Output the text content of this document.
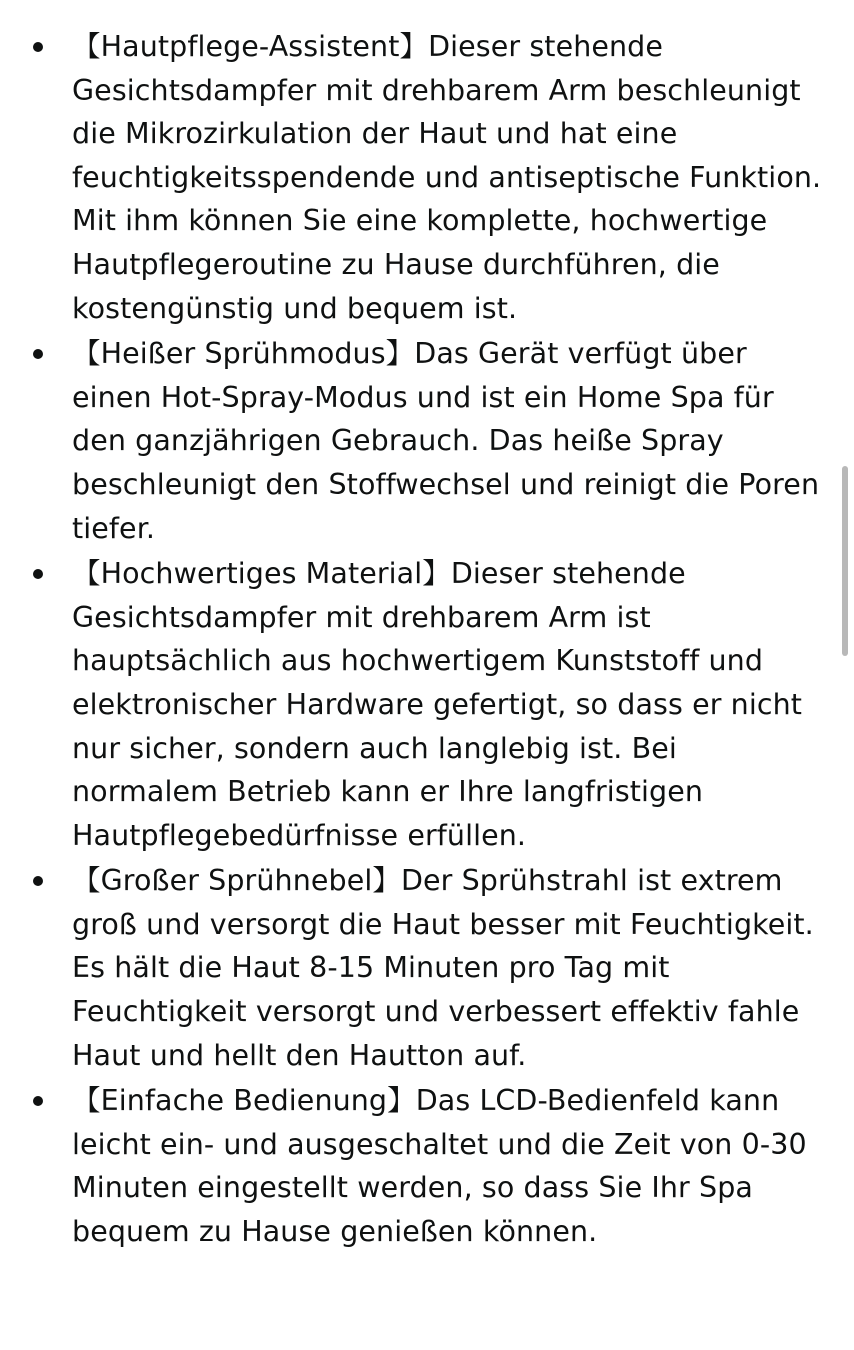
【Hautpflege-Assistent】Dieser stehende Gesichtsdampfer mit drehbarem Arm beschleunigt die Mikrozirkulation der Haut und hat eine feuchtigkeitsspendende und antiseptische Funktion. Mit ihm können Sie eine komplette, hochwertige Hautpflegeroutine zu Hause durchführen, die kostengünstig und bequem ist.
【Heißer Sprühmodus】Das Gerät verfügt über einen Hot-Spray-Modus und ist ein Home Spa für den ganzjährigen Gebrauch. Das heiße Spray beschleunigt den Stoffwechsel und reinigt die Poren tiefer.
【Hochwertiges Material】Dieser stehende Gesichtsdampfer mit drehbarem Arm ist hauptsächlich aus hochwertigem Kunststoff und elektronischer Hardware gefertigt, so dass er nicht nur sicher, sondern auch langlebig ist. Bei normalem Betrieb kann er Ihre langfristigen Hautpflegebedürfnisse erfüllen.
【Großer Sprühnebel】Der Sprühstrahl ist extrem groß und versorgt die Haut besser mit Feuchtigkeit. Es hält die Haut 8-15 Minuten pro Tag mit Feuchtigkeit versorgt und verbessert effektiv fahle Haut und hellt den Hautton auf.
【Einfache Bedienung】Das LCD-Bedienfeld kann leicht ein- und ausgeschaltet und die Zeit von 0-30 Minuten eingestellt werden, so dass Sie Ihr Spa bequem zu Hause genießen können.
